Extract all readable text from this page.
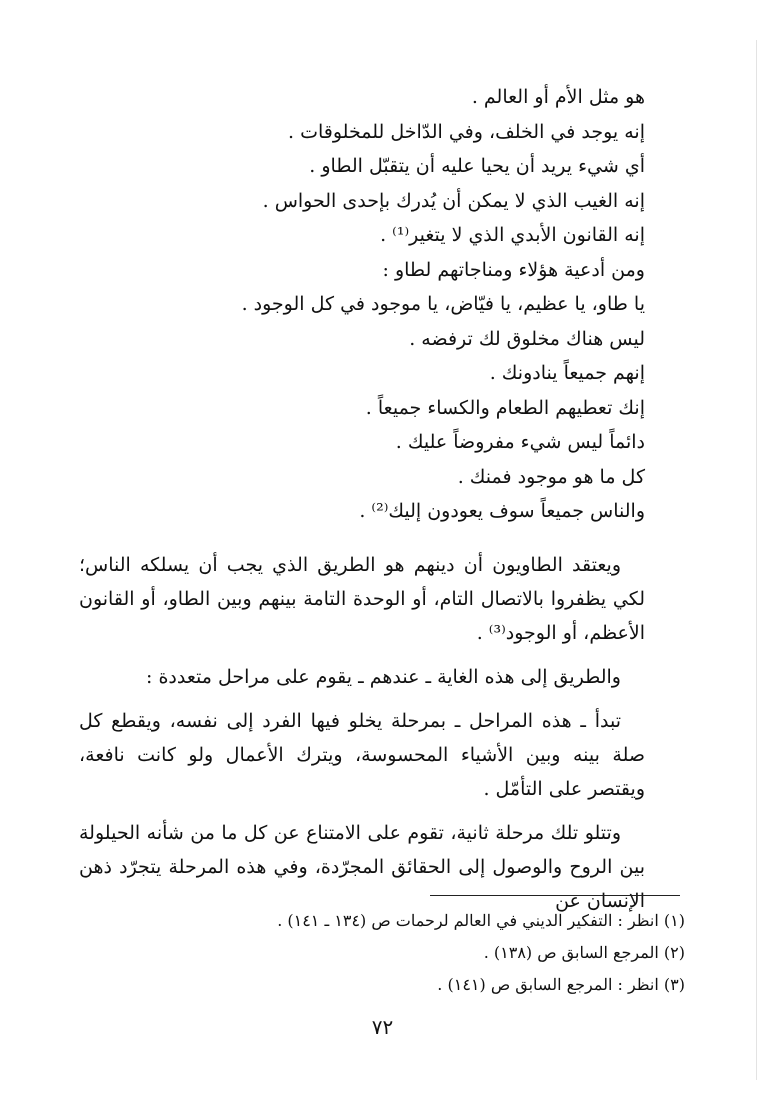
هو مثل الأم أو العالم .
إنه يوجد في الخلف، وفي الدّاخل للمخلوقات .
أي شيء يريد أن يحيا عليه أن يتقبّل الطاو .
إنه الغيب الذي لا يمكن أن يُدرك بإحدى الحواس .
إنه القانون الأبدي الذي لا يتغير⁽¹⁾ .
ومن أدعية هؤلاء ومناجاتهم لطاو :
يا طاو، يا عظيم، يا فيّاض، يا موجود في كل الوجود .
ليس هناك مخلوق لك ترفضه .
إنهم جميعاً ينادونك .
إنك تعطيهم الطعام والكساء جميعاً .
دائماً ليس شيء مفروضاً عليك .
كل ما هو موجود فمنك .
والناس جميعاً سوف يعودون إليك⁽²⁾ .

ويعتقد الطاويون أن دينهم هو الطريق الذي يجب أن يسلكه الناس؛ لكي يظفروا بالاتصال التام، أو الوحدة التامة بينهم وبين الطاو، أو القانون الأعظم، أو الوجود⁽³⁾ .

والطريق إلى هذه الغاية ـ عندهم ـ يقوم على مراحل متعددة :

تبدأ ـ هذه المراحل ـ بمرحلة يخلو فيها الفرد إلى نفسه، ويقطع كل صلة بينه وبين الأشياء المحسوسة، ويترك الأعمال ولو كانت نافعة، ويقتصر على التأمّل .

وتتلو تلك مرحلة ثانية، تقوم على الامتناع عن كل ما من شأنه الحيلولة بين الروح والوصول إلى الحقائق المجرّدة، وفي هذه المرحلة يتجرّد ذهن الإنسان عن

(١) انظر : التفكير الديني في العالم لرحمات ص (١٣٤ ـ ١٤١) .
(٢) المرجع السابق ص (١٣٨) .
(٣) انظر : المرجع السابق ص (١٤١) .
٧٢
